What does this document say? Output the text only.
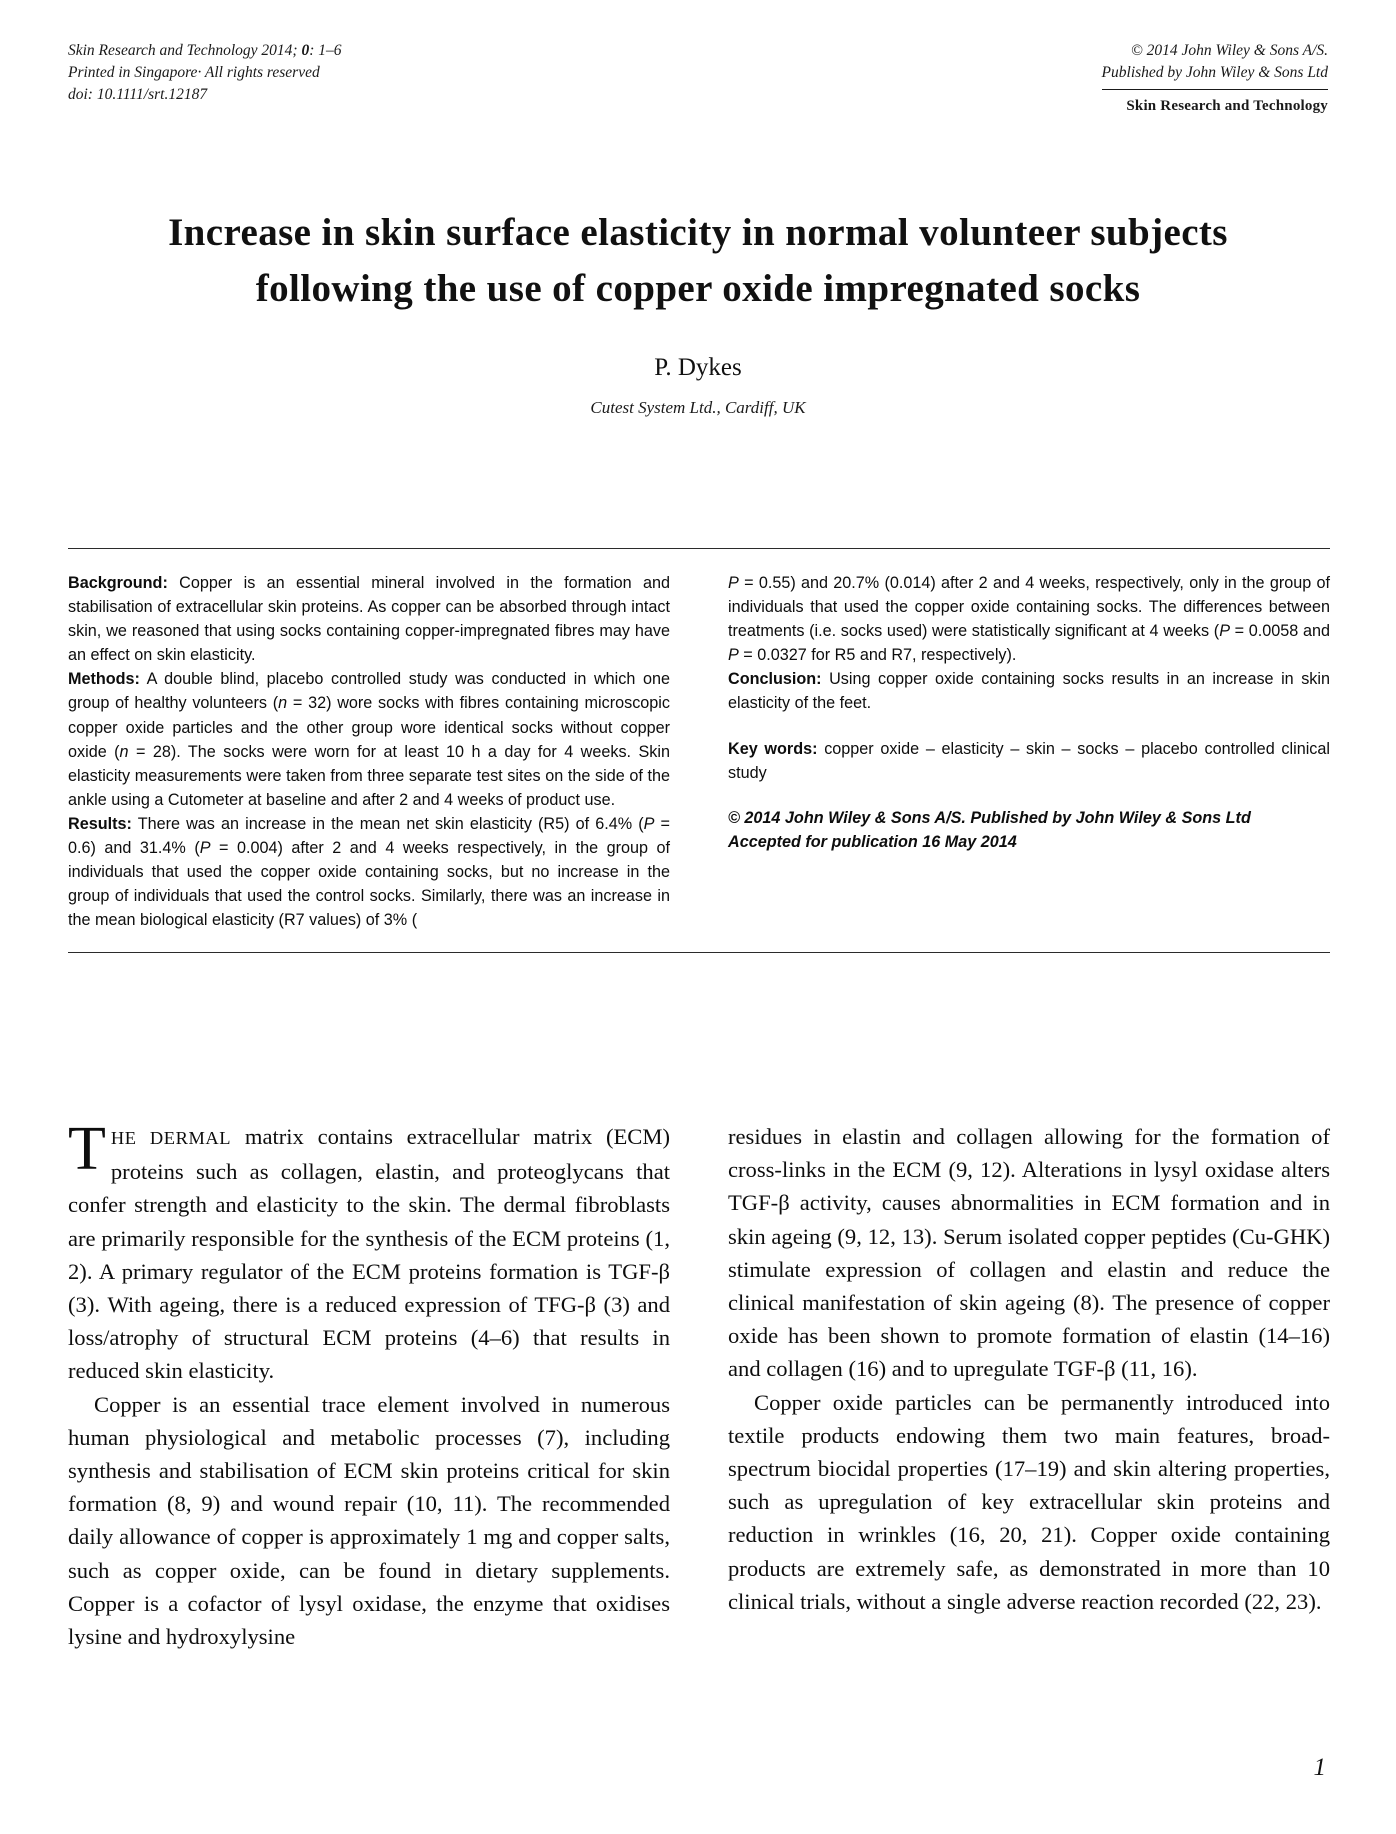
Skin Research and Technology 2014; 0: 1–6
Printed in Singapore· All rights reserved
doi: 10.1111/srt.12187
© 2014 John Wiley & Sons A/S.
Published by John Wiley & Sons Ltd
Skin Research and Technology
Increase in skin surface elasticity in normal volunteer subjects following the use of copper oxide impregnated socks
P. Dykes
Cutest System Ltd., Cardiff, UK

Background: Copper is an essential mineral involved in the formation and stabilisation of extracellular skin proteins. As copper can be absorbed through intact skin, we reasoned that using socks containing copper-impregnated fibres may have an effect on skin elasticity.

Methods: A double blind, placebo controlled study was conducted in which one group of healthy volunteers (n = 32) wore socks with fibres containing microscopic copper oxide particles and the other group wore identical socks without copper oxide (n = 28). The socks were worn for at least 10 h a day for 4 weeks. Skin elasticity measurements were taken from three separate test sites on the side of the ankle using a Cutometer at baseline and after 2 and 4 weeks of product use.

Results: There was an increase in the mean net skin elasticity (R5) of 6.4% (P = 0.6) and 31.4% (P = 0.004) after 2 and 4 weeks respectively, in the group of individuals that used the copper oxide containing socks, but no increase in the group of individuals that used the control socks. Similarly, there was an increase in the mean biological elasticity (R7 values) of 3% (

P = 0.55) and 20.7% (0.014) after 2 and 4 weeks, respectively, only in the group of individuals that used the copper oxide containing socks. The differences between treatments (i.e. socks used) were statistically significant at 4 weeks (P = 0.0058 and P = 0.0327 for R5 and R7, respectively).

Conclusion: Using copper oxide containing socks results in an increase in skin elasticity of the feet.

Key words: copper oxide – elasticity – skin – socks – placebo controlled clinical study

© 2014 John Wiley & Sons A/S. Published by John Wiley & Sons Ltd

Accepted for publication 16 May 2014

THE DERMAL matrix contains extracellular matrix (ECM) proteins such as collagen, elastin, and proteoglycans that confer strength and elasticity to the skin. The dermal fibroblasts are primarily responsible for the synthesis of the ECM proteins (1, 2). A primary regulator of the ECM proteins formation is TGF-β (3). With ageing, there is a reduced expression of TFG-β (3) and loss/atrophy of structural ECM proteins (4–6) that results in reduced skin elasticity.

Copper is an essential trace element involved in numerous human physiological and metabolic processes (7), including synthesis and stabilisation of ECM skin proteins critical for skin formation (8, 9) and wound repair (10, 11). The recommended daily allowance of copper is approximately 1 mg and copper salts, such as copper oxide, can be found in dietary supplements. Copper is a cofactor of lysyl oxidase, the enzyme that oxidises lysine and hydroxylysine

residues in elastin and collagen allowing for the formation of cross-links in the ECM (9, 12). Alterations in lysyl oxidase alters TGF-β activity, causes abnormalities in ECM formation and in skin ageing (9, 12, 13). Serum isolated copper peptides (Cu-GHK) stimulate expression of collagen and elastin and reduce the clinical manifestation of skin ageing (8). The presence of copper oxide has been shown to promote formation of elastin (14–16) and collagen (16) and to upregulate TGF-β (11, 16).

Copper oxide particles can be permanently introduced into textile products endowing them two main features, broad-spectrum biocidal properties (17–19) and skin altering properties, such as upregulation of key extracellular skin proteins and reduction in wrinkles (16, 20, 21). Copper oxide containing products are extremely safe, as demonstrated in more than 10 clinical trials, without a single adverse reaction recorded (22, 23).

1
